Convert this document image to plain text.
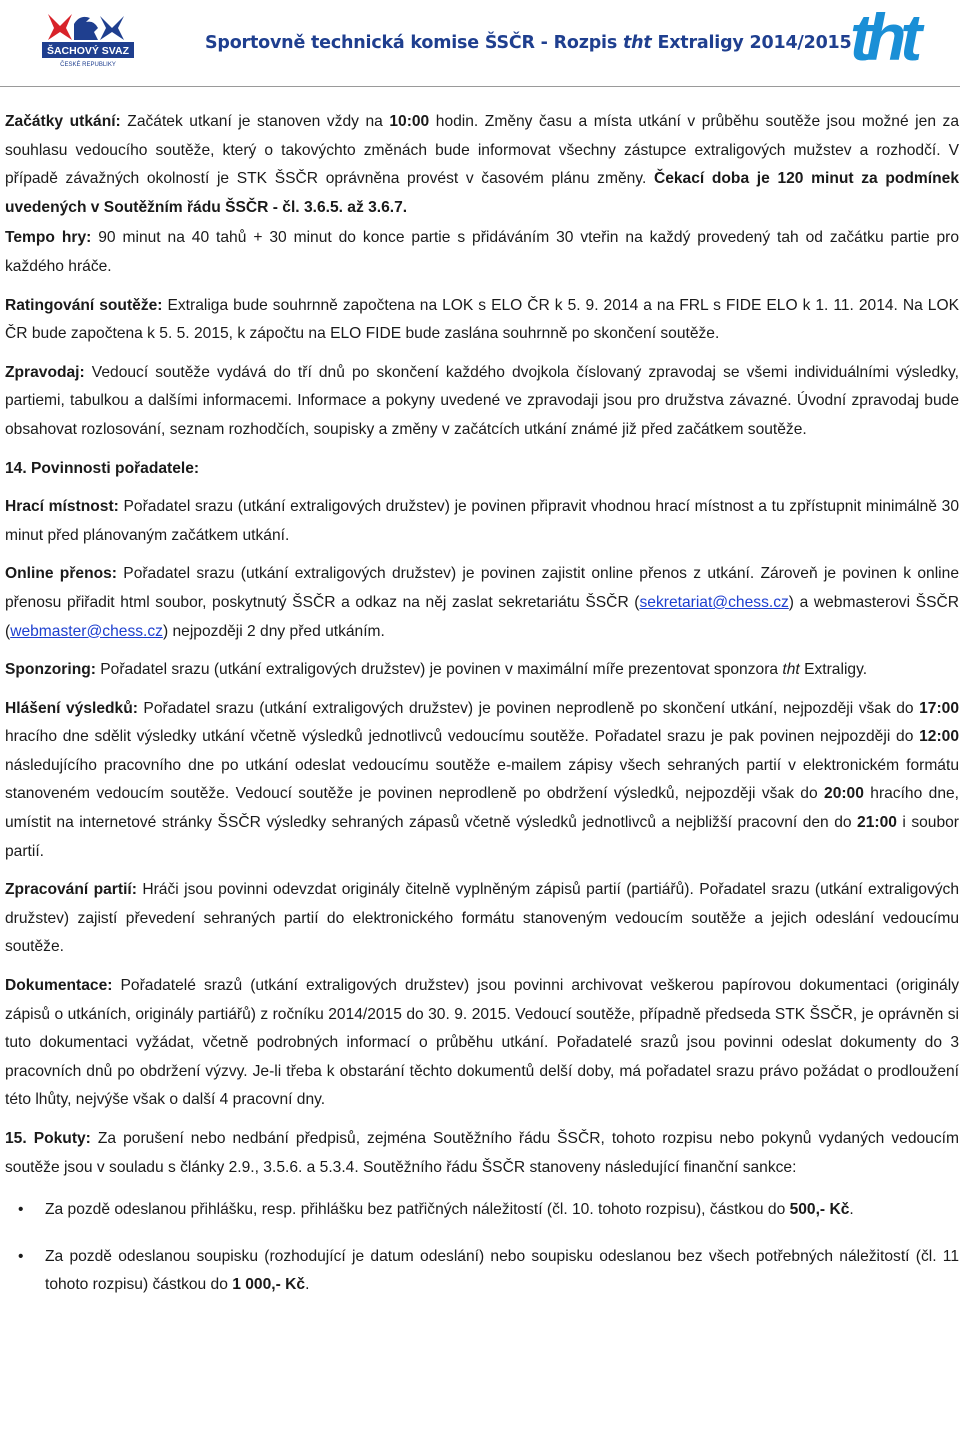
ŠACHOVÝ SVAZ
ČESKÉ REPUBLIKY
Sportovně technická komise ŠSČR - Rozpis tht Extraligy 2014/2015
tht

Začátky utkání: Začátek utkaní je stanoven vždy na 10:00 hodin. Změny času a místa utkání v průběhu soutěže jsou možné jen za souhlasu vedoucího soutěže, který o takovýchto změnách bude informovat všechny zástupce extraligových mužstev a rozhodčí. V případě závažných okolností je STK ŠSČR oprávněna provést v časovém plánu změny. Čekací doba je 120 minut za podmínek uvedených v Soutěžním řádu ŠSČR - čl. 3.6.5. až 3.6.7.

Tempo hry: 90 minut na 40 tahů + 30 minut do konce partie s přidáváním 30 vteřin na každý provedený tah od začátku partie pro každého hráče.

Ratingování soutěže: Extraliga bude souhrnně započtena na LOK s ELO ČR k 5. 9. 2014 a na FRL s FIDE ELO k 1. 11. 2014. Na LOK ČR bude započtena k 5. 5. 2015, k zápočtu na ELO FIDE bude zaslána souhrnně po skončení soutěže.

Zpravodaj: Vedoucí soutěže vydává do tří dnů po skončení každého dvojkola číslovaný zpravodaj se všemi individuálními výsledky, partiemi, tabulkou a dalšími informacemi. Informace a pokyny uvedené ve zpravodaji jsou pro družstva závazné. Úvodní zpravodaj bude obsahovat rozlosování, seznam rozhodčích, soupisky a změny v začátcích utkání známé již před začátkem soutěže.

14. Povinnosti pořadatele:

Hrací místnost: Pořadatel srazu (utkání extraligových družstev) je povinen připravit vhodnou hrací místnost a tu zpřístupnit minimálně 30 minut před plánovaným začátkem utkání.

Online přenos: Pořadatel srazu (utkání extraligových družstev) je povinen zajistit online přenos z utkání. Zároveň je povinen k online přenosu přiřadit html soubor, poskytnutý ŠSČR a odkaz na něj zaslat sekretariátu ŠSČR (sekretariat@chess.cz) a webmasterovi ŠSČR (webmaster@chess.cz) nejpozději 2 dny před utkáním.

Sponzoring: Pořadatel srazu (utkání extraligových družstev) je povinen v maximální míře prezentovat sponzora tht Extraligy.

Hlášení výsledků: Pořadatel srazu (utkání extraligových družstev) je povinen neprodleně po skončení utkání, nejpozději však do 17:00 hracího dne sdělit výsledky utkání včetně výsledků jednotlivců vedoucímu soutěže. Pořadatel srazu je pak povinen nejpozději do 12:00 následujícího pracovního dne po utkání odeslat vedoucímu soutěže e-mailem zápisy všech sehraných partií v elektronickém formátu stanoveném vedoucím soutěže. Vedoucí soutěže je povinen neprodleně po obdržení výsledků, nejpozději však do 20:00 hracího dne, umístit na internetové stránky ŠSČR výsledky sehraných zápasů včetně výsledků jednotlivců a nejbližší pracovní den do 21:00 i soubor partií.

Zpracování partií: Hráči jsou povinni odevzdat originály čitelně vyplněným zápisů partií (partiářů). Pořadatel srazu (utkání extraligových družstev) zajistí převedení sehraných partií do elektronického formátu stanoveným vedoucím soutěže a jejich odeslání vedoucímu soutěže.

Dokumentace: Pořadatelé srazů (utkání extraligových družstev) jsou povinni archivovat veškerou papírovou dokumentaci (originály zápisů o utkáních, originály partiářů) z ročníku 2014/2015 do 30. 9. 2015. Vedoucí soutěže, případně předseda STK ŠSČR, je oprávněn si tuto dokumentaci vyžádat, včetně podrobných informací o průběhu utkání. Pořadatelé srazů jsou povinni odeslat dokumenty do 3 pracovních dnů po obdržení výzvy. Je-li třeba k obstarání těchto dokumentů delší doby, má pořadatel srazu právo požádat o prodloužení této lhůty, nejvýše však o další 4 pracovní dny.

15. Pokuty: Za porušení nebo nedbání předpisů, zejména Soutěžního řádu ŠSČR, tohoto rozpisu nebo pokynů vydaných vedoucím soutěže jsou v souladu s články 2.9., 3.5.6. a 5.3.4. Soutěžního řádu ŠSČR stanoveny následující finanční sankce:

• Za pozdě odeslanou přihlášku, resp. přihlášku bez patřičných náležitostí (čl. 10. tohoto rozpisu), částkou do 500,- Kč.
• Za pozdě odeslanou soupisku (rozhodující je datum odeslání) nebo soupisku odeslanou bez všech potřebných náležitostí (čl. 11 tohoto rozpisu) částkou do 1 000,- Kč.
